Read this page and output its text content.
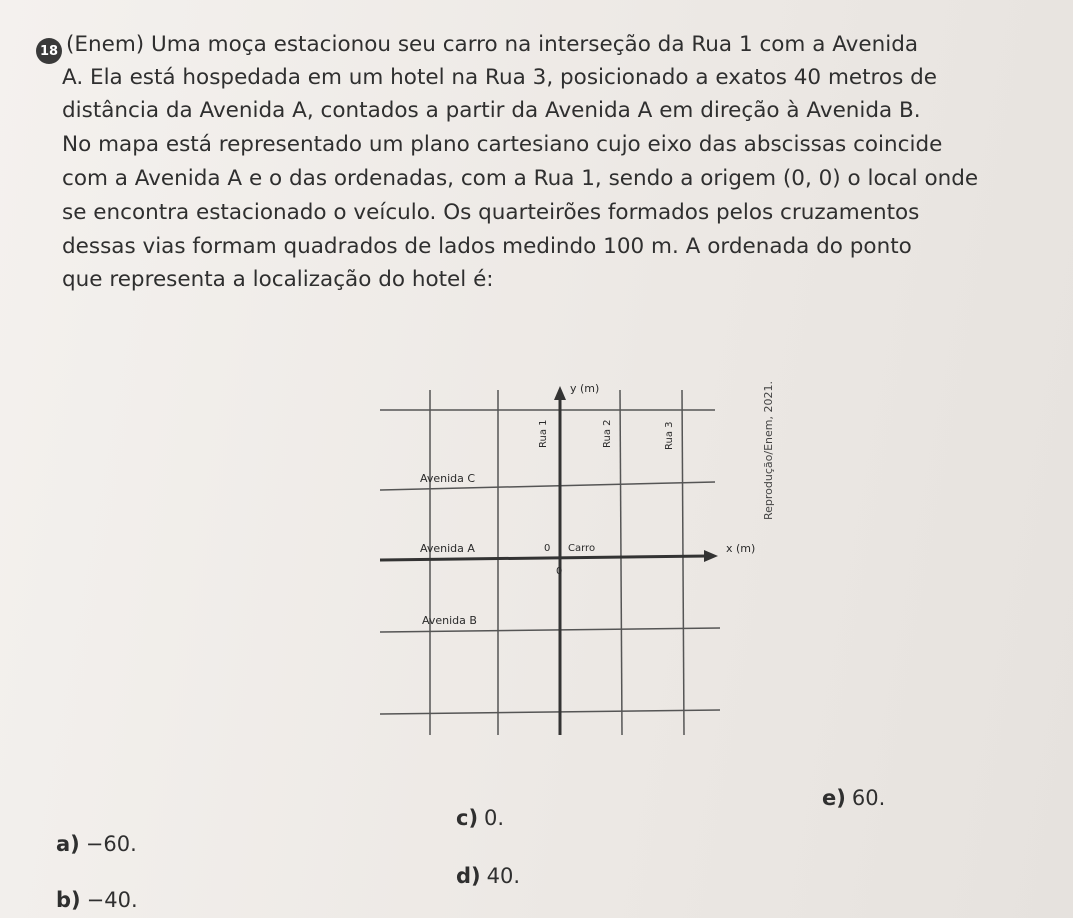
18 (Enem) Uma moça estacionou seu carro na interseção da Rua 1 com a Avenida
A. Ela está hospedada em um hotel na Rua 3, posicionado a exatos 40 metros de
distância da Avenida A, contados a partir da Avenida A em direção à Avenida B.
No mapa está representado um plano cartesiano cujo eixo das abscissas coincide
com a Avenida A e o das ordenadas, com a Rua 1, sendo a origem (0, 0) o local onde
se encontra estacionado o veículo. Os quarteirões formados pelos cruzamentos
dessas vias formam quadrados de lados medindo 100 m. A ordenada do ponto
que representa a localização do hotel é:
y (m)
x (m)
Rua 1	Rua 2	Rua 3
Avenida C
Avenida A
Avenida B
0 Carro
0
Reprodução/Enem, 2021.
a) −60.
b) −40.
c) 0.
d) 40.
e) 60.
